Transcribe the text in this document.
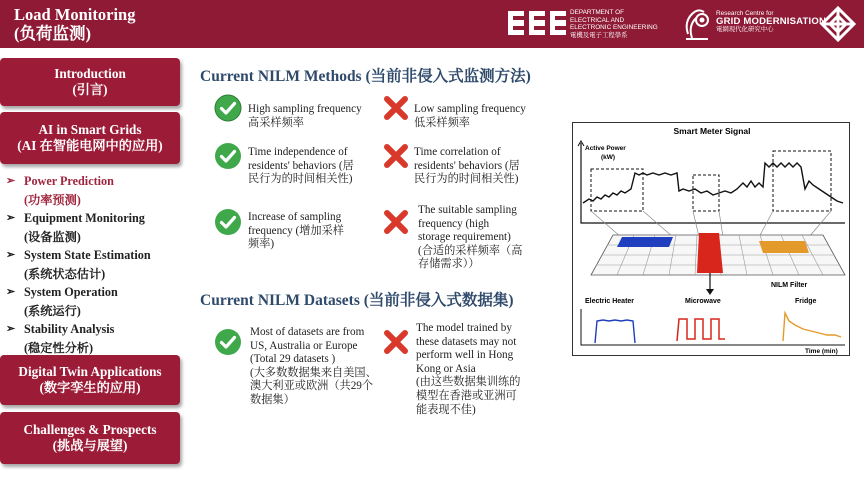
Load Monitoring
(负荷监测)
DEPARTMENT OF
ELECTRICAL AND
ELECTRONIC ENGINEERING
電機及電子工程學系
Research Centre for
GRID MODERNISATION
電網現代化研究中心
Introduction
(引言)
AI in Smart Grids
(AI 在智能电网中的应用)
➢ Power Prediction
(功率预测)
➢ Equipment Monitoring
(设备监测)
➢ System State Estimation
(系统状态估计)
➢ System Operation
(系统运行)
➢ Stability Analysis
(稳定性分析)
Digital Twin Applications
(数字孪生的应用)
Challenges & Prospects
(挑战与展望)
Current NILM Methods (当前非侵入式监测方法)
High sampling frequency
高采样频率
Time independence of
residents' behaviors (居
民行为的时间相关性)
Increase of sampling
frequency (增加采样
频率)
Low sampling frequency
低采样频率
Time correlation of
residents' behaviors (居
民行为的时间相关性)
The suitable sampling
frequency (high
storage requirement)
(合适的采样频率（高
存储需求））
Current NILM Datasets (当前非侵入式数据集)
Most of datasets are from
US, Australia or Europe
(Total 29 datasets )
(大多数数据集来自美国、
澳大利亚或欧洲（共29个
数据集）
The model trained by
these datasets may not
perform well in Hong
Kong or Asia
(由这些数据集训练的
模型在香港或亚洲可
能表现不佳)
Smart Meter Signal
Active Power
(kW)
NILM Filter
Electric Heater	Microwave	Fridge
Time (min)
